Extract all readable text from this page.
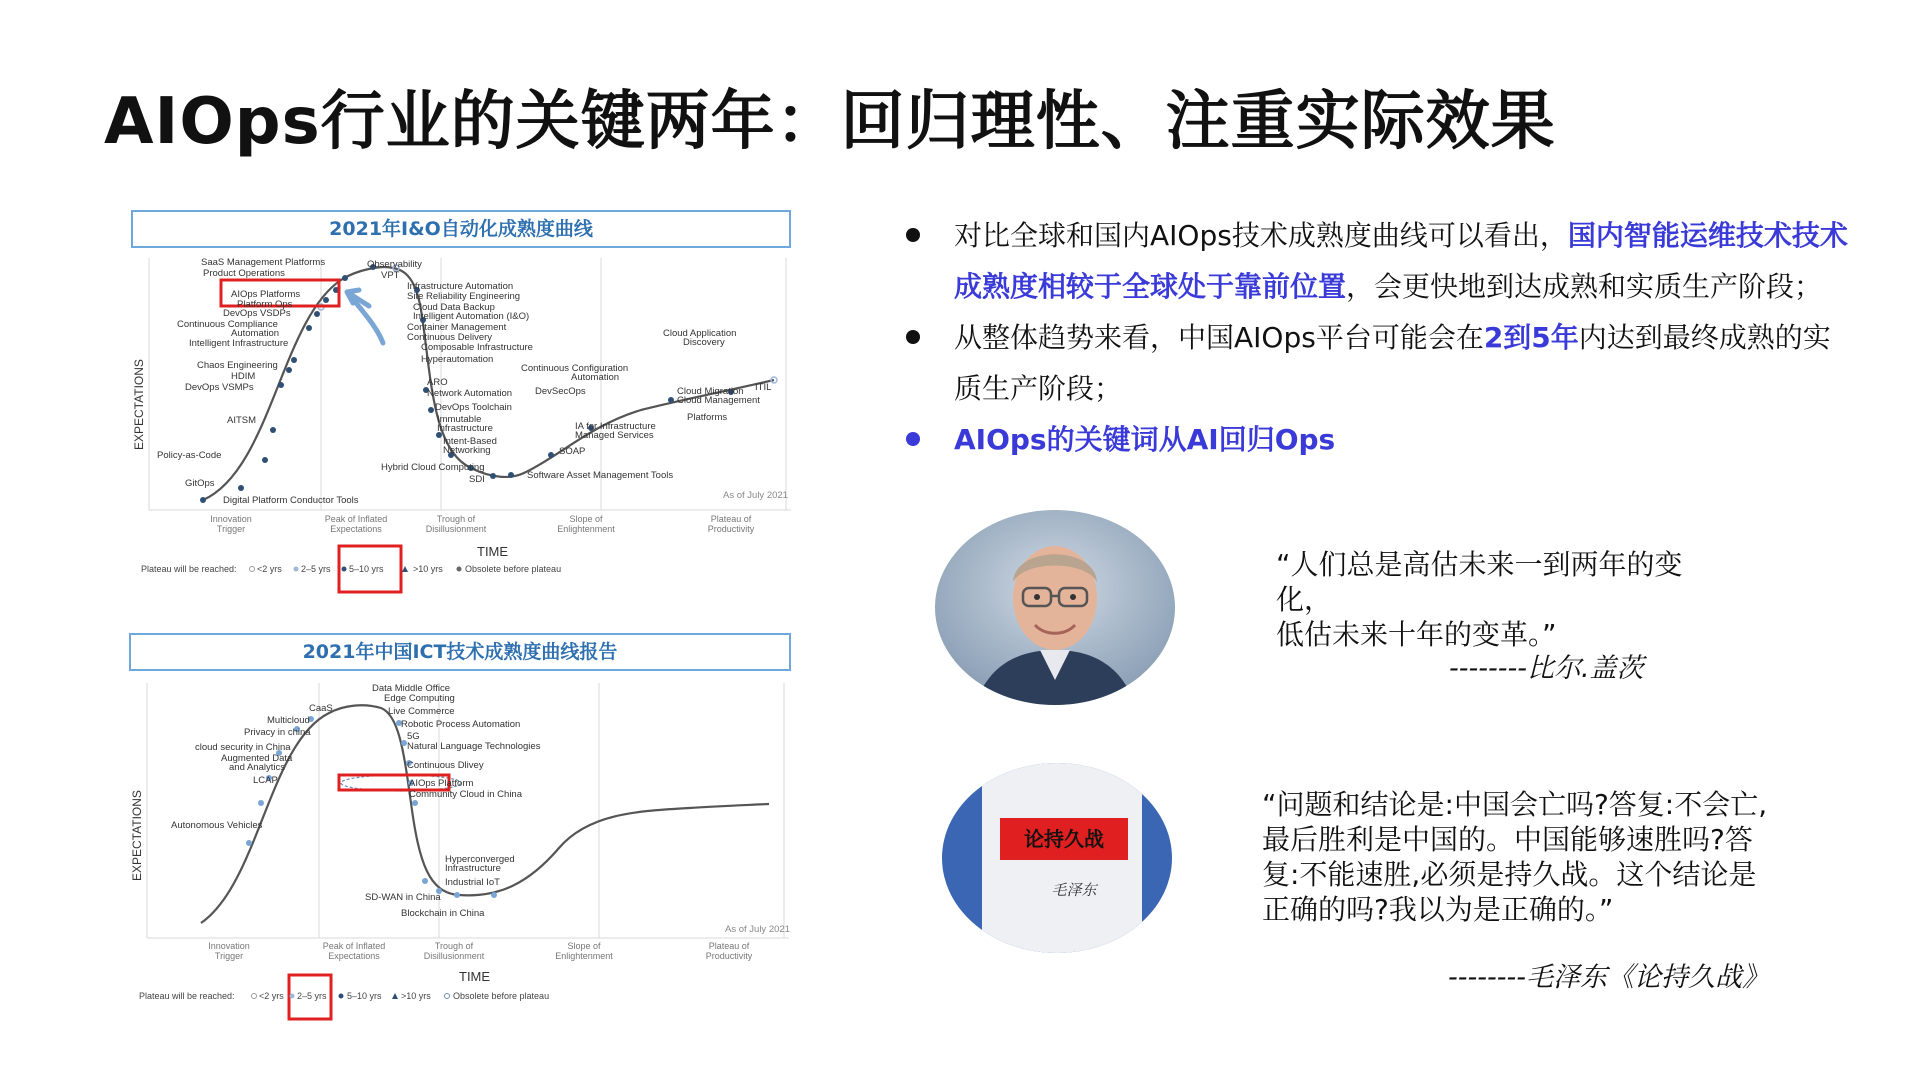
AIOps行业的关键两年：回归理性、注重实际效果
2021年I&O自动化成熟度曲线
SaaS Management Platforms
Product Operations
AIOps Platforms
Platform Ops
DevOps VSDPs
Continuous Compliance
Automation
Intelligent Infrastructure
Chaos Engineering
HDIM
DevOps VSMPs
AITSM
Policy-as-Code
GitOps
Digital Platform Conductor Tools
Observability
VPT
Infrastructure Automation
Site Reliability Engineering
Cloud Data Backup
Intelligent Automation (I&O)
Container Management
Continuous Delivery
Composable Infrastructure
Hyperautomation
ARO
Network Automation
DevOps Toolchain
Immutable
Infrastructure
Intent-Based
Networking
Hybrid Cloud Computing
SDI
Continuous Configuration
Automation
DevSecOps
IA for Infrastructure
Managed Services
SOAP
Software Asset Management Tools
Cloud Application
Discovery
Cloud Migration
Cloud Management
Platforms
ITIL
As of July 2021
EXPECTATIONS
Innovation
Trigger
Peak of Inflated
Expectations
Trough of
Disillusionment
Slope of
Enlightenment
Plateau of
Productivity
TIME
Plateau will be reached: <2 yrs 2–5 yrs 5–10 yrs	>10 yrs Obsolete before plateau
2021年中国ICT技术成熟度曲线报告
Data Middle Office
Edge Computing
Live Commerce
Robotic Process Automation
5G
Natural Language Technologies
Continuous Dlivey
AIOps Platform
Community Cloud in China
CaaS
Multicloud
Privacy in china
cloud security in China
Augmented Data
and Analytics
LCAP
Autonomous Vehicles
Hyperconverged
Infrastructure
Industrial IoT
SD-WAN in China
Blockchain in China
As of July 2021
EXPECTATIONS
Innovation
Trigger
Peak of Inflated
Expectations
Trough of
Disillusionment
Slope of
Enlightenment
Plateau of
Productivity
TIME
Plateau will be reached:	<2 yrs 2–5 yrs 5–10 yrs >10 yrs Obsolete before plateau
对比全球和国内AIOps技术成熟度曲线可以看出，国内智能运维技术技术成熟度相较于全球处于靠前位置，会更快地到达成熟和实质生产阶段；
从整体趋势来看，中国AIOps平台可能会在2到5年内达到最终成熟的实质生产阶段；
AIOps的关键词从AI回归Ops
“人们总是高估未来一到两年的变化，
低估未来十年的变革。”
--------比尔.盖茨
论持久战
毛泽东
“问题和结论是:中国会亡吗?答复:不会亡,
最后胜利是中国的。中国能够速胜吗?答
复:不能速胜,必须是持久战。这个结论是
正确的吗?我以为是正确的。”
--------毛泽东《论持久战》
